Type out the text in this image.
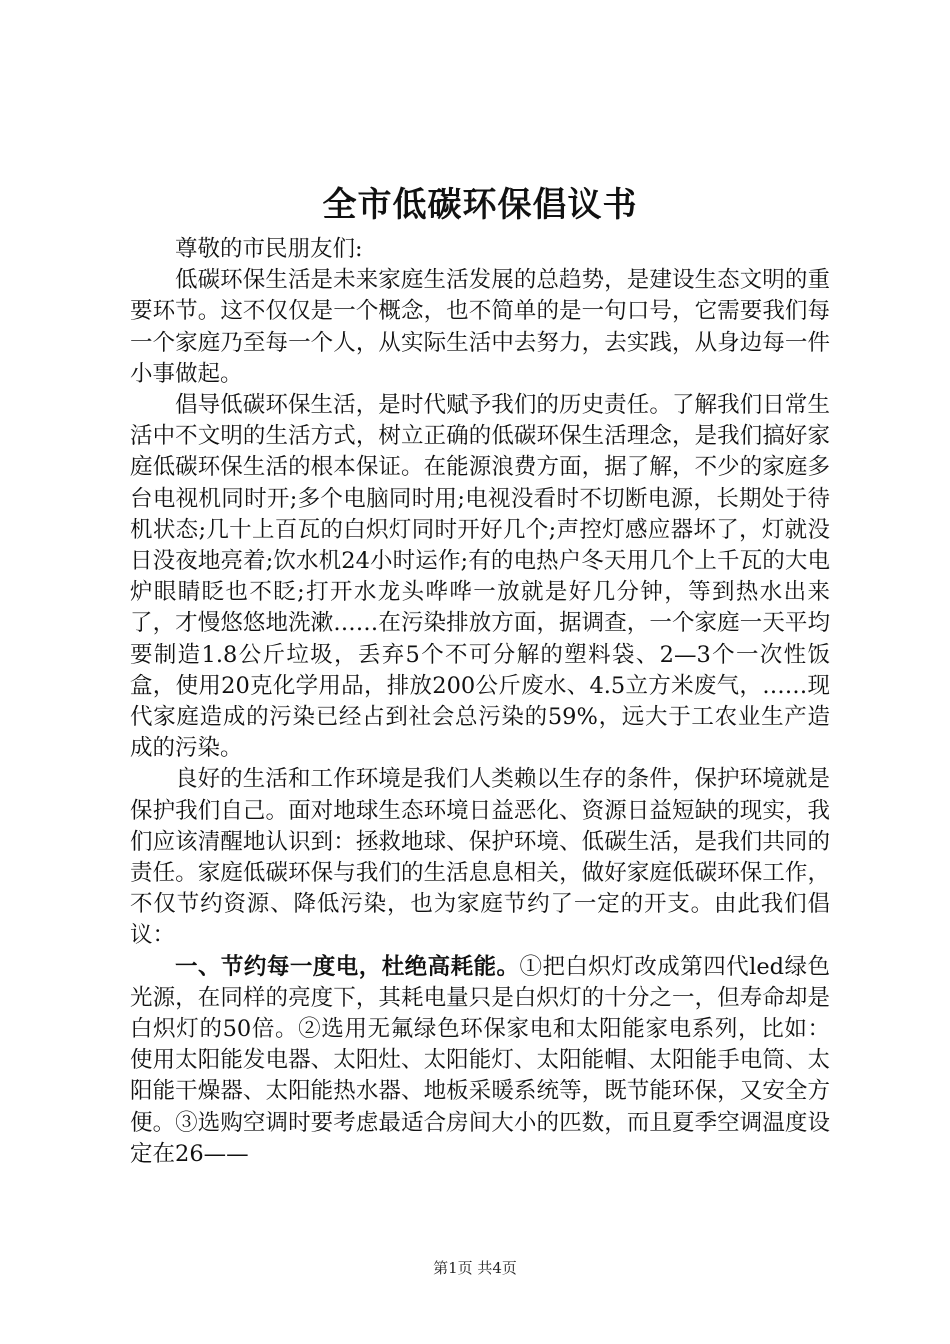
全市低碳环保倡议书

尊敬的市民朋友们:

低碳环保生活是未来家庭生活发展的总趋势，是建设生态文明的重要环节。这不仅仅是一个概念，也不简单的是一句口号，它需要我们每一个家庭乃至每一个人，从实际生活中去努力，去实践，从身边每一件小事做起。

倡导低碳环保生活，是时代赋予我们的历史责任。了解我们日常生活中不文明的生活方式，树立正确的低碳环保生活理念，是我们搞好家庭低碳环保生活的根本保证。在能源浪费方面，据了解，不少的家庭多台电视机同时开;多个电脑同时用;电视没看时不切断电源，长期处于待机状态;几十上百瓦的白炽灯同时开好几个;声控灯感应器坏了，灯就没日没夜地亮着;饮水机24小时运作;有的电热户冬天用几个上千瓦的大电炉眼睛眨也不眨;打开水龙头哗哗一放就是好几分钟，等到热水出来了，才慢悠悠地洗漱……在污染排放方面，据调查，一个家庭一天平均要制造1.8公斤垃圾，丢弃5个不可分解的塑料袋、2—3个一次性饭盒，使用20克化学用品，排放200公斤废水、4.5立方米废气，……现代家庭造成的污染已经占到社会总污染的59%，远大于工农业生产造成的污染。

良好的生活和工作环境是我们人类赖以生存的条件，保护环境就是保护我们自己。面对地球生态环境日益恶化、资源日益短缺的现实，我们应该清醒地认识到：拯救地球、保护环境、低碳生活，是我们共同的责任。家庭低碳环保与我们的生活息息相关，做好家庭低碳环保工作，不仅节约资源、降低污染，也为家庭节约了一定的开支。由此我们倡议：

一、节约每一度电，杜绝高耗能。①把白炽灯改成第四代led绿色光源，在同样的亮度下，其耗电量只是白炽灯的十分之一，但寿命却是白炽灯的50倍。②选用无氟绿色环保家电和太阳能家电系列，比如：使用太阳能发电器、太阳灶、太阳能灯、太阳能帽、太阳能手电筒、太阳能干燥器、太阳能热水器、地板采暖系统等，既节能环保，又安全方便。③选购空调时要考虑最适合房间大小的匹数，而且夏季空调温度设定在26——

第1页 共4页
